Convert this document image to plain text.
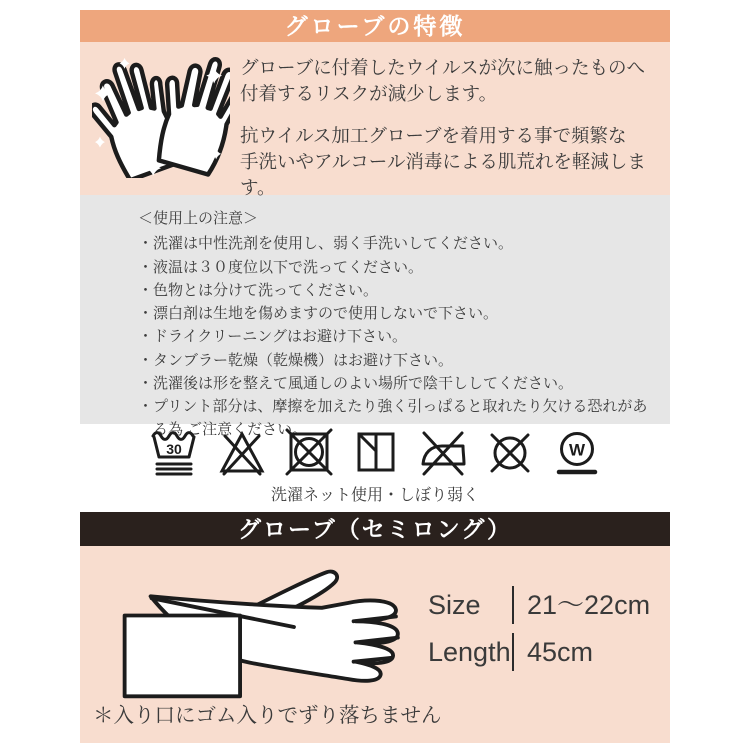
グローブの特徴
グローブに付着したウイルスが次に触ったものへ
付着するリスクが減少します。
抗ウイルス加工グローブを着用する事で頻繁な
手洗いやアルコール消毒による肌荒れを軽減します。
＜使用上の注意＞
・洗濯は中性洗剤を使用し、弱く手洗いしてください。
・液温は３０度位以下で洗ってください。
・色物とは分けて洗ってください。
・漂白剤は生地を傷めますので使用しないで下さい。
・ドライクリーニングはお避け下さい。
・タンブラー乾燥（乾燥機）はお避け下さい。
・洗濯後は形を整えて風通しのよい場所で陰干ししてください。
・プリント部分は、摩擦を加えたり強く引っぱると取れたり欠ける恐れがある為 ご注意ください。
30	W
洗濯ネット使用・しぼり弱く
グローブ（セミロング）
Size	21～22cm
Length 45cm
＊入り口にゴム入りでずり落ちません
